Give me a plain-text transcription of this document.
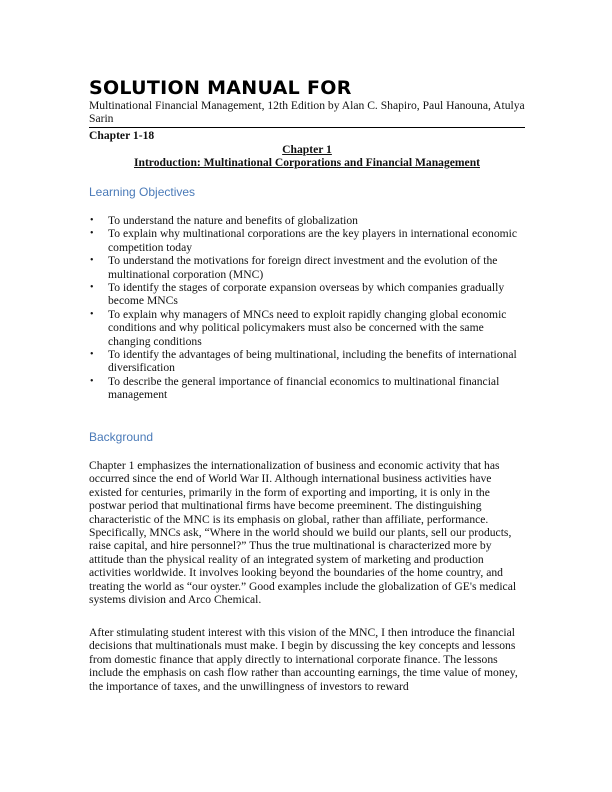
SOLUTION MANUAL FOR

Multinational Financial Management, 12th Edition by Alan C. Shapiro, Paul Hanouna, Atulya Sarin

Chapter 1-18

Chapter 1
Introduction: Multinational Corporations and Financial Management
Learning Objectives
• To understand the nature and benefits of globalization
• To explain why multinational corporations are the key players in international economic competition today
• To understand the motivations for foreign direct investment and the evolution of the multinational corporation (MNC)
• To identify the stages of corporate expansion overseas by which companies gradually become MNCs
• To explain why managers of MNCs need to exploit rapidly changing global economic conditions and why political policymakers must also be concerned with the same changing conditions
• To identify the advantages of being multinational, including the benefits of international diversification
• To describe the general importance of financial economics to multinational financial management
Background

Chapter 1 emphasizes the internationalization of business and economic activity that has occurred since the end of World War II. Although international business activities have existed for centuries, primarily in the form of exporting and importing, it is only in the postwar period that multinational firms have become preeminent. The distinguishing characteristic of the MNC is its emphasis on global, rather than affiliate, performance. Specifically, MNCs ask, “Where in the world should we build our plants, sell our products, raise capital, and hire personnel?” Thus the true multinational is characterized more by attitude than the physical reality of an integrated system of marketing and production activities worldwide. It involves looking beyond the boundaries of the home country, and treating the world as “our oyster.” Good examples include the globalization of GE's medical systems division and Arco Chemical.

After stimulating student interest with this vision of the MNC, I then introduce the financial decisions that multinationals must make. I begin by discussing the key concepts and lessons from domestic finance that apply directly to international corporate finance. The lessons include the emphasis on cash flow rather than accounting earnings, the time value of money, the importance of taxes, and the unwillingness of investors to reward
